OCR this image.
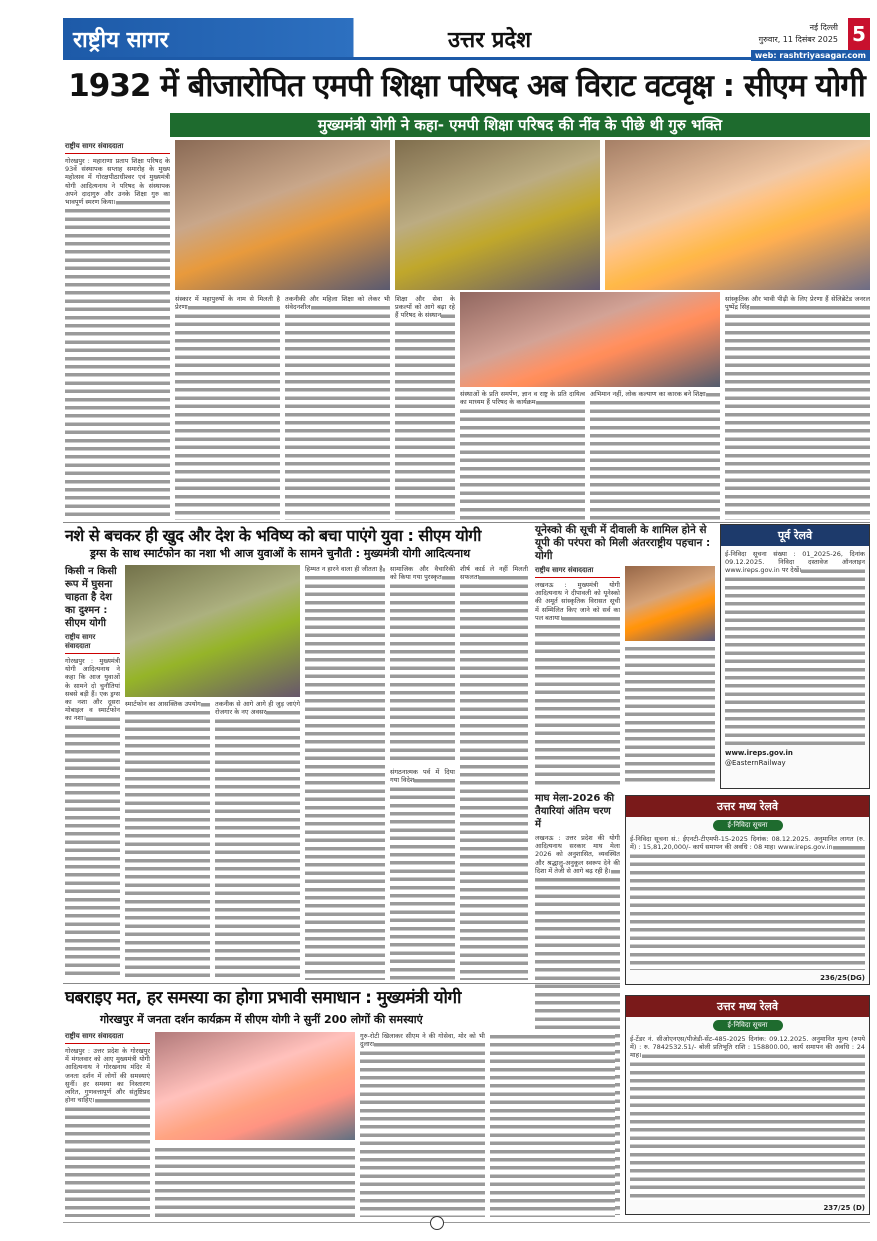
राष्ट्रीय सागर	उत्तर प्रदेश
नई दिल्ली
गुरुवार, 11 दिसंबर 2025
web: rashtriyasagar.com
5
1932 में बीजारोपित एमपी शिक्षा परिषद अब विराट वटवृक्ष : सीएम योगी
मुख्यमंत्री योगी ने कहा- एमपी शिक्षा परिषद की नींव के पीछे थी गुरु भक्ति
राष्ट्रीय सागर संवाददाता
गोरखपुर : महाराणा प्रताप शिक्षा परिषद के 93वें संस्थापक सप्ताह समारोह के मुख्य महोत्सव में गोरक्षपीठाधीश्वर एवं मुख्यमंत्री योगी आदित्यनाथ ने परिषद के संस्थापक अपने दादागुरु और उनके शिक्षा गुरु का भावपूर्ण स्मरण किया।
संस्कार में महापुरुषों के नाम से मिलती है प्रेरणा
तकनीकी और महिला शिक्षा को लेकर भी संवेदनशील
शिक्षा और सेवा के प्रकल्पों को आगे बढ़ा रहे हैं परिषद के संस्थान
संस्थाओं के प्रति समर्पण, ज्ञान व राष्ट्र के प्रति दायित्व का माध्यम हैं परिषद के कार्यक्रम
अभिमान नहीं, लोक कल्याण का कारक बने शिक्षा
सांस्कृतिक और भावी पीढ़ी के लिए प्रेरणा हैं सेलिब्रेटेड जनरल पुष्पेंद्र सिंह
नशे से बचकर ही खुद और देश के भविष्य को बचा पाएंगे युवा : सीएम योगी
ड्रग्स के साथ स्मार्टफोन का नशा भी आज युवाओं के सामने चुनौती : मुख्यमंत्री योगी आदित्यनाथ
किसी न किसी रूप में घुसना चाहता है देश का दुश्मन : सीएम योगी
राष्ट्रीय सागर संवाददाता
गोरखपुर : मुख्यमंत्री योगी आदित्यनाथ ने कहा कि आज युवाओं के सामने दो चुनौतियां सबसे बड़ी हैं। एक ड्रग्स का नशा और दूसरा मोबाइल व स्मार्टफोन का नशा।
स्मार्टफोन का आसक्तिक उपयोग	तकनीक से आगे आगे ही जुड़ जाएंगे रोजगार के नए अवसर
हिम्मत न हारने वाला ही जीतता है	सामाजिक और वैचारिकी को किया गया पुरस्कृत
संगठनात्मक पर्व में दिया गया विदेश
शीर्ष कार्ड ले नहीं मिलती सफलता
यूनेस्को की सूची में दीवाली के शामिल होने से यूपी की परंपरा को मिली अंतरराष्ट्रीय पहचान : योगी
राष्ट्रीय सागर संवाददाता
लखनऊ : मुख्यमंत्री योगी आदित्यनाथ ने दीपावली को यूनेस्को की अमूर्त सांस्कृतिक विरासत सूची में सम्मिलित किए जाने को सर्व का पल बताया।
पूर्व रेलवे
ई-निविदा सूचना संख्या : 01_2025-26, दिनांक 09.12.2025. निविदा दस्तावेज ऑनलाइन www.ireps.gov.in पर देखें।
www.ireps.gov.in
@EasternRailway
माघ मेला-2026 की तैयारियां अंतिम चरण में
लखनऊ : उत्तर प्रदेश की योगी आदित्यनाथ सरकार माघ मेला 2026 को अनुशासित, व्यवस्थित और श्रद्धालु-अनुकूल स्वरूप देने की दिशा में तेजी से आगे बढ़ रही है।
उत्तर मध्य रेलवे
ई-निविदा सूचना
ई-निविदा सूचना सं.: ईएनटी-टीएमपी-15-2025 दिनांक: 08.12.2025. अनुमानित लागत (रु. में) : 15,81,20,000/- कार्य समापन की अवधि : 08 माह। www.ireps.gov.in
236/25(DG)
उत्तर मध्य रेलवे
ई-निविदा सूचना
ई-टेंडर नं. सीओएनएस/पीजेडी-सेंट-485-2025 दिनांक: 09.12.2025. अनुमानित मूल्य (रुपये में) : रु. 7842532.51/- बोली प्रतिभूति राशि : 158800.00, कार्य समापन की अवधि : 24 माह।
237/25 (D)
घबराइए मत, हर समस्या का होगा प्रभावी समाधान : मुख्यमंत्री योगी
गोरखपुर में जनता दर्शन कार्यक्रम में सीएम योगी ने सुनीं 200 लोगों की समस्याएं
राष्ट्रीय सागर संवाददाता
गोरखपुर : उत्तर प्रदेश के गोरखपुर में मंगलवार को आए मुख्यमंत्री योगी आदित्यनाथ ने गोरखनाथ मंदिर में जनता दर्शन में लोगों की समस्याएं सुनीं। हर समस्या का निस्तारण त्वरित, गुणवत्तापूर्ण और संतुष्टिप्रद होना चाहिए।
गुरु-रोटी खिलाकर सीएम ने की गोसेवा, मोर को भी दुलारा
